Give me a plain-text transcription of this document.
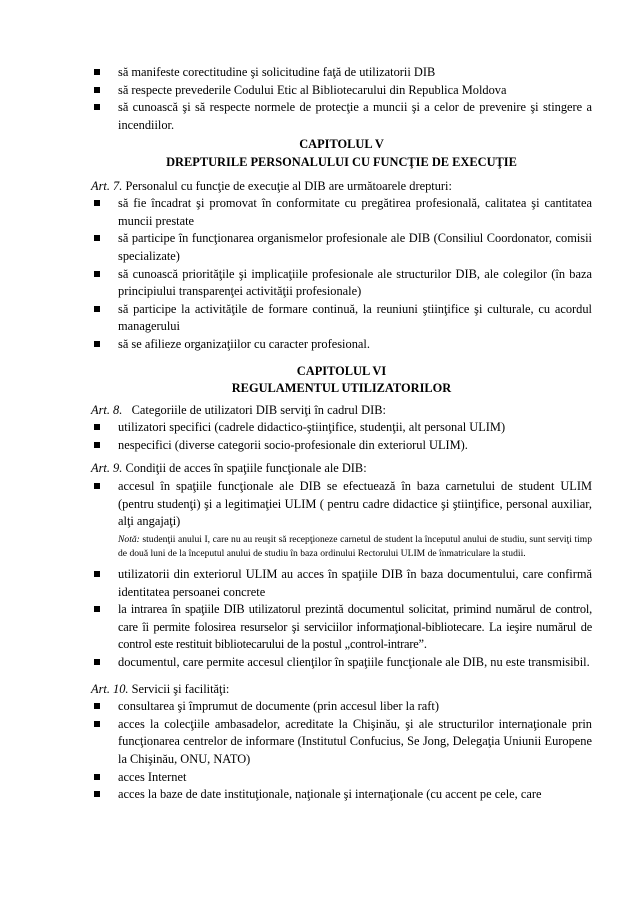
să manifeste corectitudine şi solicitudine faţă de utilizatorii DIB
să respecte prevederile Codului Etic al Bibliotecarului din Republica Moldova
să cunoască şi să respecte normele de protecţie a muncii şi a celor de prevenire şi stingere a incendiilor.
CAPITOLUL V
DREPTURILE PERSONALULUI CU FUNCŢIE DE EXECUŢIE

Art. 7. Personalul cu funcţie de execuţie al DIB are următoarele drepturi:

să fie încadrat şi promovat în conformitate cu pregătirea profesională, calitatea şi cantitatea muncii prestate
să participe în funcţionarea organismelor profesionale ale DIB (Consiliul Coordonator, comisii specializate)
să cunoască priorităţile şi implicaţiile profesionale ale structurilor DIB, ale colegilor (în baza principiului transparenţei activităţii profesionale)
să participe la activităţile de formare continuă, la reuniuni ştiinţifice şi culturale, cu acordul managerului
să se afilieze organizaţiilor cu caracter profesional.
CAPITOLUL VI
REGULAMENTUL UTILIZATORILOR

Art. 8. Categoriile de utilizatori DIB serviţi în cadrul DIB:

utilizatori specifici (cadrele didactico-ştiinţifice, studenţii, alt personal ULIM)
nespecifici (diverse categorii socio-profesionale din exteriorul ULIM).

Art. 9. Condiţii de acces în spaţiile funcţionale ale DIB:

accesul în spaţiile funcţionale ale DIB se efectuează în baza carnetului de student ULIM (pentru studenţi) şi a legitimaţiei ULIM ( pentru cadre didactice şi ştiinţifice, personal auxiliar, alţi angajaţi)
Notă: studenţii anului I, care nu au reuşit să recepţioneze carnetul de student la începutul anului de studiu, sunt serviţi timp de două luni de la începutul anului de studiu în baza ordinului Rectorului ULIM de înmatriculare la studii.
utilizatorii din exteriorul ULIM au acces în spaţiile DIB în baza documentului, care confirmă identitatea persoanei concrete
la intrarea în spaţiile DIB utilizatorul prezintă documentul solicitat, primind numărul de control, care îi permite folosirea resurselor şi serviciilor informaţional-bibliotecare. La ieşire numărul de control este restituit bibliotecarului de la postul „control-intrare”.
documentul, care permite accesul clienţilor în spaţiile funcţionale ale DIB, nu este transmisibil.

Art. 10. Servicii şi facilităţi:

consultarea şi împrumut de documente (prin accesul liber la raft)
acces la colecţiile ambasadelor, acreditate la Chişinău, şi ale structurilor internaţionale prin funcţionarea centrelor de informare (Institutul Confucius, Se Jong, Delegaţia Uniunii Europene la Chişinău, ONU, NATO)
acces Internet
acces la baze de date instituţionale, naţionale şi internaţionale (cu accent pe cele, care
